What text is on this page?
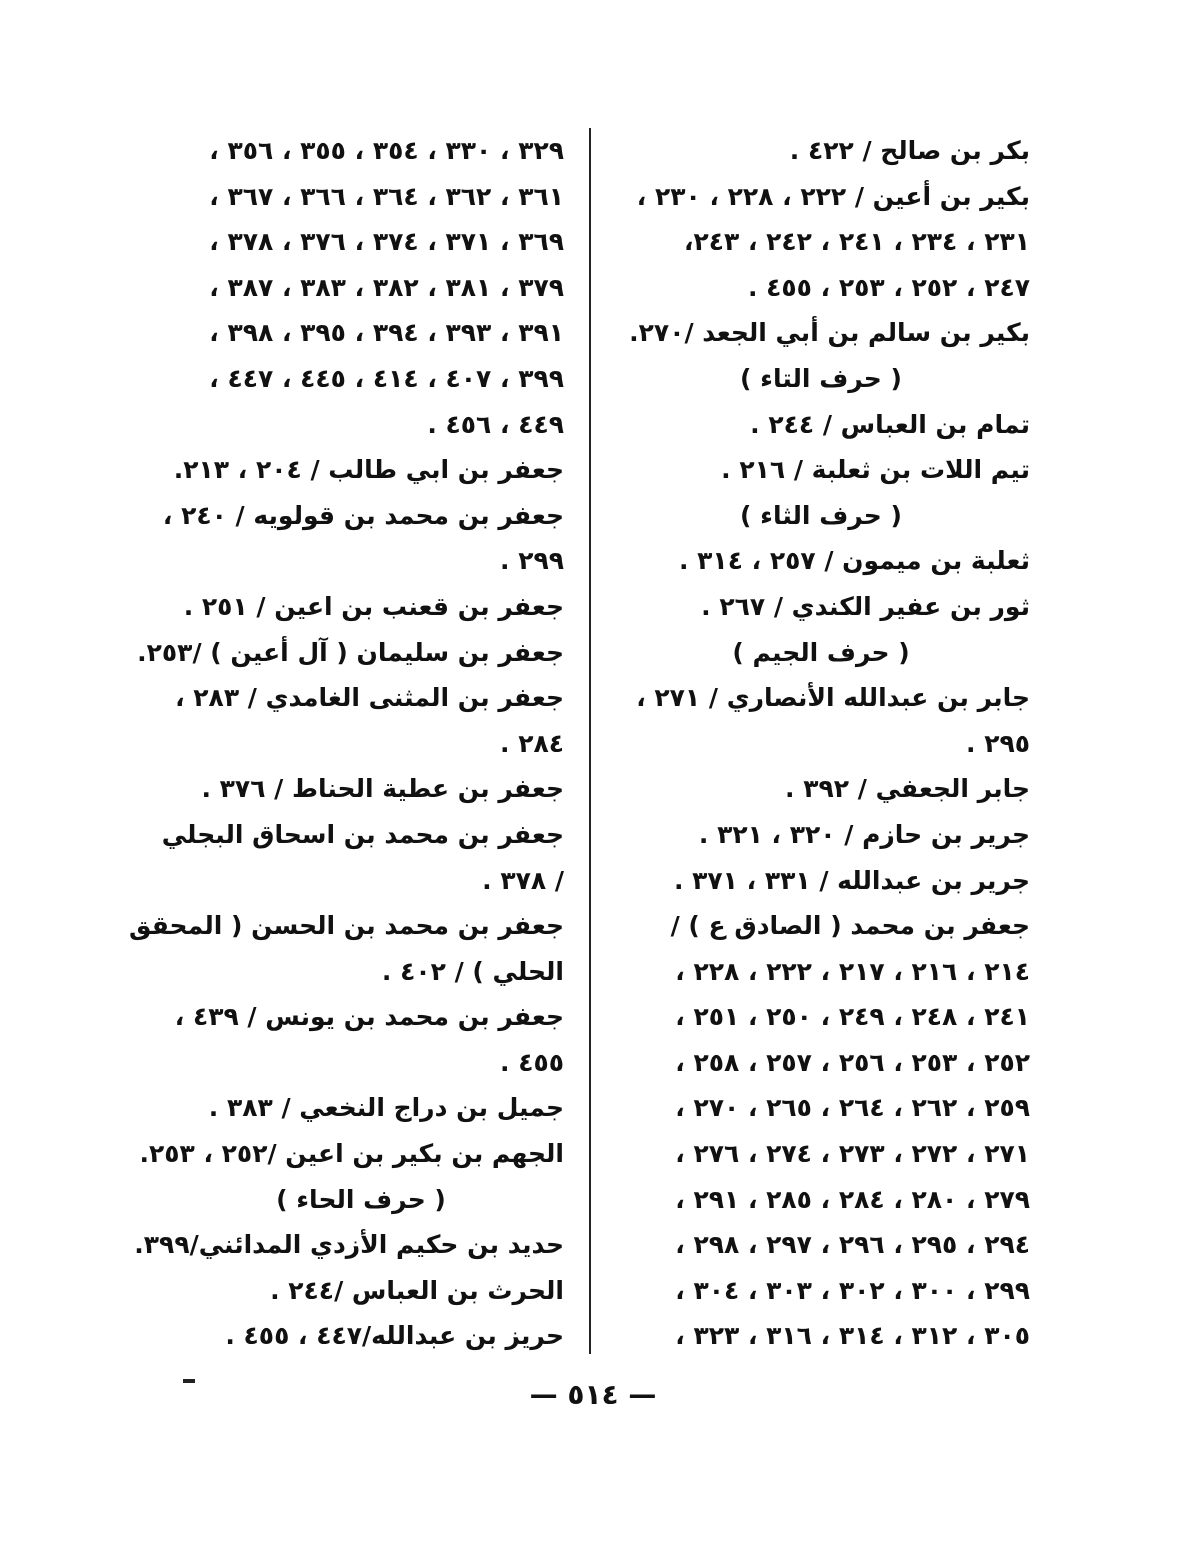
بكر بن صالح / ٤٢٢ .
بكير بن أعين / ٢٢٢ ، ٢٢٨ ، ٢٣٠ ،
٢٣١ ، ٢٣٤ ، ٢٤١ ، ٢٤٢ ، ٢٤٣،
٢٤٧ ، ٢٥٢ ، ٢٥٣ ، ٤٥٥ .
بكير بن سالم بن أبي الجعد /٢٧٠.
( حرف التاء )
تمام بن العباس / ٢٤٤ .
تيم اللات بن ثعلبة / ٢١٦ .
( حرف الثاء )
ثعلبة بن ميمون / ٢٥٧ ، ٣١٤ .
ثور بن عفير الكندي / ٢٦٧ .
( حرف الجيم )
جابر بن عبدالله الأنصاري / ٢٧١ ،
٢٩٥ .
جابر الجعفي / ٣٩٢ .
جرير بن حازم / ٣٢٠ ، ٣٢١ .
جرير بن عبدالله / ٣٣١ ، ٣٧١ .
جعفر بن محمد ( الصادق ع ) /
٢١٤ ، ٢١٦ ، ٢١٧ ، ٢٢٢ ، ٢٢٨ ،
٢٤١ ، ٢٤٨ ، ٢٤٩ ، ٢٥٠ ، ٢٥١ ،
٢٥٢ ، ٢٥٣ ، ٢٥٦ ، ٢٥٧ ، ٢٥٨ ،
٢٥٩ ، ٢٦٢ ، ٢٦٤ ، ٢٦٥ ، ٢٧٠ ،
٢٧١ ، ٢٧٢ ، ٢٧٣ ، ٢٧٤ ، ٢٧٦ ،
٢٧٩ ، ٢٨٠ ، ٢٨٤ ، ٢٨٥ ، ٢٩١ ،
٢٩٤ ، ٢٩٥ ، ٢٩٦ ، ٢٩٧ ، ٢٩٨ ،
٢٩٩ ، ٣٠٠ ، ٣٠٢ ، ٣٠٣ ، ٣٠٤ ،
٣٠٥ ، ٣١٢ ، ٣١٤ ، ٣١٦ ، ٣٢٣ ،
٣٢٩ ، ٣٣٠ ، ٣٥٤ ، ٣٥٥ ، ٣٥٦ ،
٣٦١ ، ٣٦٢ ، ٣٦٤ ، ٣٦٦ ، ٣٦٧ ،
٣٦٩ ، ٣٧١ ، ٣٧٤ ، ٣٧٦ ، ٣٧٨ ،
٣٧٩ ، ٣٨١ ، ٣٨٢ ، ٣٨٣ ، ٣٨٧ ،
٣٩١ ، ٣٩٣ ، ٣٩٤ ، ٣٩٥ ، ٣٩٨ ،
٣٩٩ ، ٤٠٧ ، ٤١٤ ، ٤٤٥ ، ٤٤٧ ،
٤٤٩ ، ٤٥٦ .
جعفر بن ابي طالب / ٢٠٤ ، ٢١٣.
جعفر بن محمد بن قولويه / ٢٤٠ ،
٢٩٩ .
جعفر بن قعنب بن اعين / ٢٥١ .
جعفر بن سليمان ( آل أعين ) /٢٥٣.
جعفر بن المثنى الغامدي / ٢٨٣ ،
٢٨٤ .
جعفر بن عطية الحناط / ٣٧٦ .
جعفر بن محمد بن اسحاق البجلي
/ ٣٧٨ .
جعفر بن محمد بن الحسن ( المحقق
الحلي ) / ٤٠٢ .
جعفر بن محمد بن يونس / ٤٣٩ ،
٤٥٥ .
جميل بن دراج النخعي / ٣٨٣ .
الجهم بن بكير بن اعين /٢٥٢ ، ٢٥٣.
( حرف الحاء )
حديد بن حكيم الأزدي المدائني/٣٩٩.
الحرث بن العباس /٢٤٤ .
حريز بن عبدالله/٤٤٧ ، ٤٥٥ .
— ٥١٤ —
